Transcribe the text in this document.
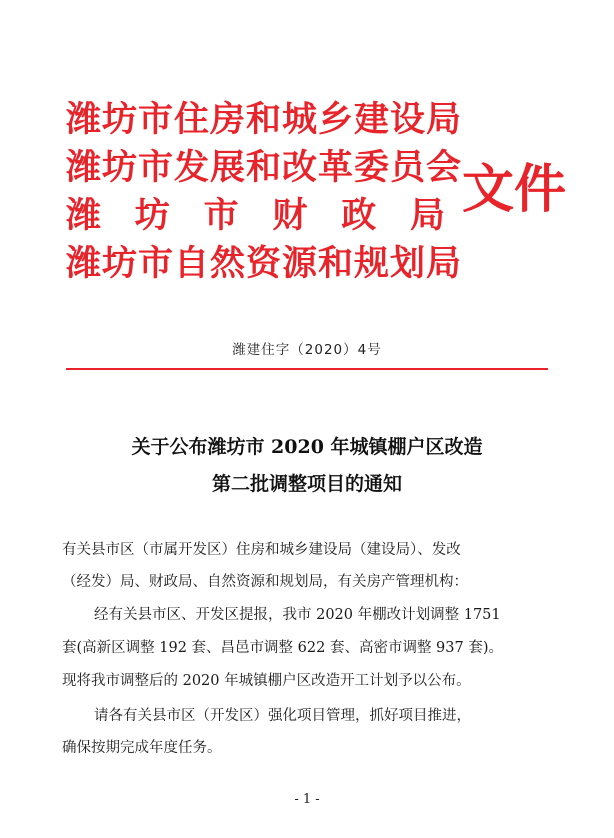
潍坊市住房和城乡建设局
潍坊市发展和改革委员会
潍 坊 市 财 政 局
潍坊市自然资源和规划局
文件
潍建住字（2020）4号
关于公布潍坊市 2020 年城镇棚户区改造
第二批调整项目的通知
有关县市区（市属开发区）住房和城乡建设局（建设局）、发改
（经发）局、财政局、自然资源和规划局，有关房产管理机构：
经有关县市区、开发区提报，我市 2020 年棚改计划调整 1751
套(高新区调整 192 套、昌邑市调整 622 套、高密市调整 937 套)。
现将我市调整后的 2020 年城镇棚户区改造开工计划予以公布。
请各有关县市区（开发区）强化项目管理，抓好项目推进，
确保按期完成年度任务。
- 1 -
